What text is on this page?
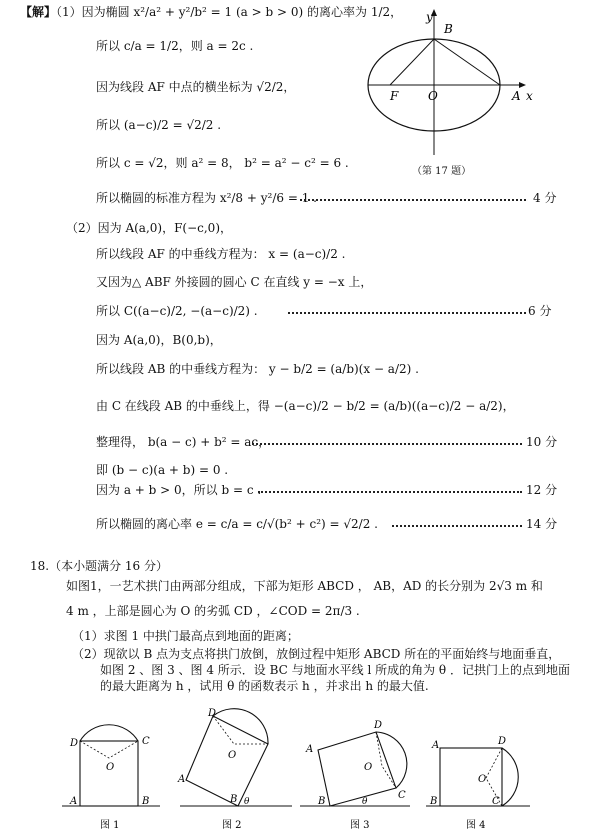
【解】（1）因为椭圆 x²/a² + y²/b² = 1 (a > b > 0) 的离心率为 1/2，
所以 c/a = 1/2，则 a = 2c .
因为线段 AF 中点的横坐标为 √2/2，
所以 (a−c)/2 = √2/2 .
所以 c = √2，则 a² = 8， b² = a² − c² = 6 .
所以椭圆的标准方程为 x²/8 + y²/6 = 1 .	4 分
y
B
F O	A x
（第 17 题）
（2）因为 A(a,0)，F(−c,0)，
所以线段 AF 的中垂线方程为： x = (a−c)/2 .
又因为△ ABF 外接圆的圆心 C 在直线 y = −x 上，
所以 C((a−c)/2, −(a−c)/2) .	6 分
因为 A(a,0)，B(0,b)，
所以线段 AB 的中垂线方程为： y − b/2 = (a/b)(x − a/2) .
由 C 在线段 AB 的中垂线上，得 −(a−c)/2 − b/2 = (a/b)((a−c)/2 − a/2)，
整理得， b(a − c) + b² = ac，	10 分
即 (b − c)(a + b) = 0 .
因为 a + b > 0，所以 b = c .	12 分
所以椭圆的离心率 e = c/a = c/√(b² + c²) = √2/2 .	14 分
18.（本小题满分 16 分）
如图1，一艺术拱门由两部分组成，下部为矩形 ABCD ， AB，AD 的长分别为 2√3 m 和
4 m ，上部是圆心为 O 的劣弧 CD ，∠COD = 2π/3 .
（1）求图 1 中拱门最高点到地面的距离；
（2）现欲以 B 点为支点将拱门放倒，放倒过程中矩形 ABCD 所在的平面始终与地面垂直，
如图 2 、图 3 、图 4 所示．设 BC 与地面水平线 l 所成的角为 θ ．记拱门上的点到地面
的最大距离为 h ，试用 θ 的函数表示 h ，并求出 h 的最大值.
D	C
O
A	B
图 1
D
O
A
B θ
图 2
D
A
O
C
B	θ
图 3
A	D
O
B	C
图 4
